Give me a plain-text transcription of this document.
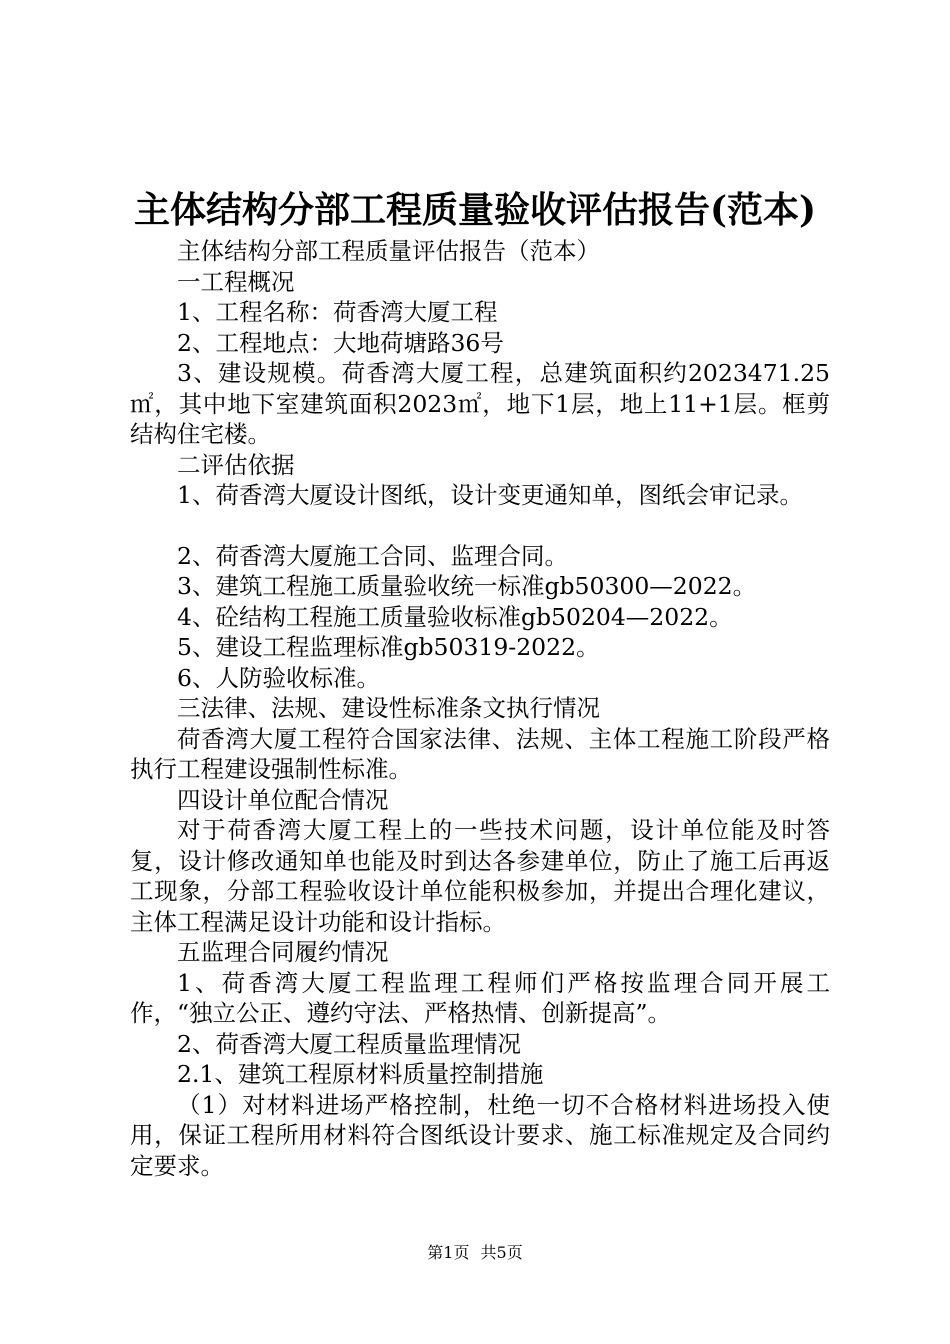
主体结构分部工程质量验收评估报告(范本)

主体结构分部工程质量评估报告（范本）

一工程概况

1、工程名称：荷香湾大厦工程

2、工程地点：大地荷塘路36号

3、建设规模。荷香湾大厦工程，总建筑面积约2023471.25㎡，其中地下室建筑面积2023㎡，地下1层，地上11+1层。框剪结构住宅楼。

二评估依据

1、荷香湾大厦设计图纸，设计变更通知单，图纸会审记录。

2、荷香湾大厦施工合同、监理合同。

3、建筑工程施工质量验收统一标准gb50300—2022。

4、砼结构工程施工质量验收标准gb50204—2022。

5、建设工程监理标准gb50319-2022。

6、人防验收标准。

三法律、法规、建设性标准条文执行情况

荷香湾大厦工程符合国家法律、法规、主体工程施工阶段严格执行工程建设强制性标准。

四设计单位配合情况

对于荷香湾大厦工程上的一些技术问题，设计单位能及时答复，设计修改通知单也能及时到达各参建单位，防止了施工后再返工现象，分部工程验收设计单位能积极参加，并提出合理化建议，主体工程满足设计功能和设计指标。

五监理合同履约情况

1、荷香湾大厦工程监理工程师们严格按监理合同开展工作，“独立公正、遵约守法、严格热情、创新提高”。

2、荷香湾大厦工程质量监理情况

2.1、建筑工程原材料质量控制措施

（1）对材料进场严格控制，杜绝一切不合格材料进场投入使用，保证工程所用材料符合图纸设计要求、施工标准规定及合同约定要求。

第1页 共5页
